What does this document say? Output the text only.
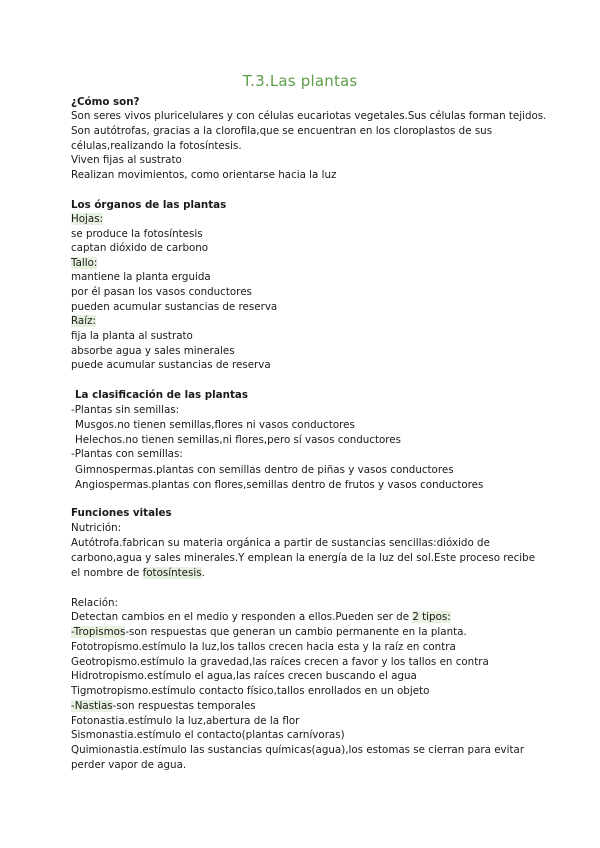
T.3.Las plantas
¿Cómo son?
Son seres vivos pluricelulares y con células eucariotas vegetales.Sus células forman tejidos.
Son autótrofas, gracias a la clorofila,que se encuentran en los cloroplastos de sus
células,realizando la fotosíntesis.
Viven fijas al sustrato
Realizan movimientos, como orientarse hacia la luz
Los órganos de las plantas
Hojas:
se produce la fotosíntesis
captan dióxido de carbono
Tallo:
mantiene la planta erguida
por él pasan los vasos conductores
pueden acumular sustancias de reserva
Raíz:
fija la planta al sustrato
absorbe agua y sales minerales
puede acumular sustancias de reserva
La clasificación de las plantas
-Plantas sin semillas:
Musgos.no tienen semillas,flores ni vasos conductores
Helechos.no tienen semillas,ni flores,pero sí vasos conductores
-Plantas con semillas:
Gimnospermas.plantas con semillas dentro de piñas y vasos conductores
Angiospermas.plantas con flores,semillas dentro de frutos y vasos conductores
Funciones vitales
Nutrición:
Autótrofa.fabrican su materia orgánica a partir de sustancias sencillas:dióxido de
carbono,agua y sales minerales.Y emplean la energía de la luz del sol.Este proceso recibe
el nombre de fotosíntesis.
Relación:
Detectan cambios en el medio y responden a ellos.Pueden ser de 2 tipos:
-Tropismos-son respuestas que generan un cambio permanente en la planta.
Fototropismo.estímulo la luz,los tallos crecen hacia esta y la raíz en contra
Geotropismo.estímulo la gravedad,las raíces crecen a favor y los tallos en contra
Hidrotropismo.estímulo el agua,las raíces crecen buscando el agua
Tigmotropismo.estímulo contacto físico,tallos enrollados en un objeto
-Nastias-son respuestas temporales
Fotonastia.estímulo la luz,abertura de la flor
Sismonastia.estímulo el contacto(plantas carnívoras)
Quimionastia.estímulo las sustancias químicas(agua),los estomas se cierran para evitar
perder vapor de agua.
